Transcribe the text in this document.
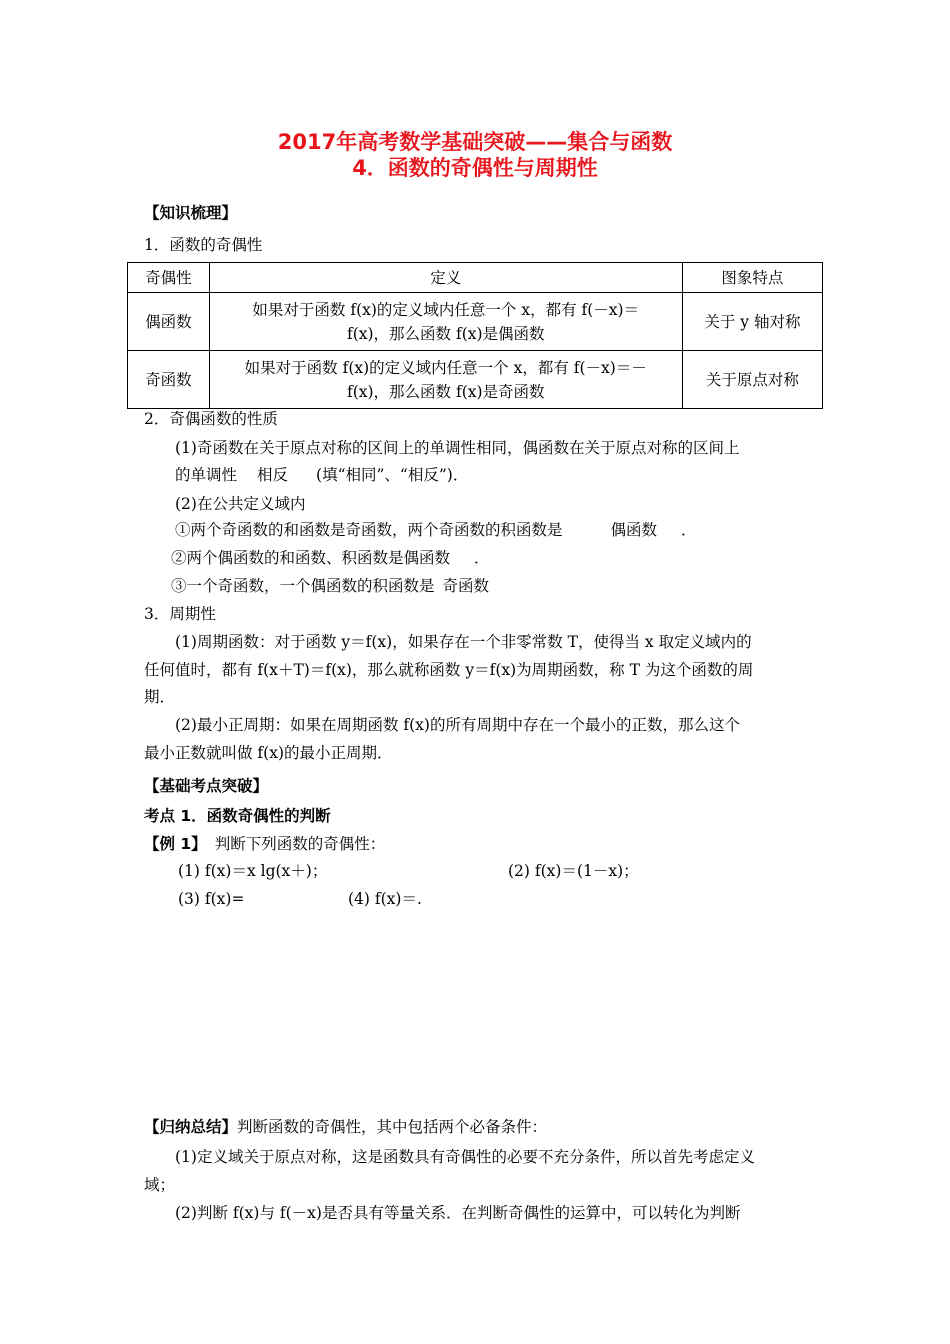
2017年高考数学基础突破——集合与函数
4．函数的奇偶性与周期性
【知识梳理】
1．函数的奇偶性
奇偶性	定义	图象特点
偶函数	如果对于函数 f(x)的定义域内任意一个 x，都有 f(－x)＝
f(x)，那么函数 f(x)是偶函数	关于 y 轴对称
奇函数	如果对于函数 f(x)的定义域内任意一个 x，都有 f(－x)＝－
f(x)，那么函数 f(x)是奇函数	关于原点对称
2．奇偶函数的性质
(1)奇函数在关于原点对称的区间上的单调性相同，偶函数在关于原点对称的区间上
的单调性 相反 (填“相同”、“相反”)．
(2)在公共定义域内
①两个奇函数的和函数是奇函数，两个奇函数的积函数是	偶函数 ．
②两个偶函数的和函数、积函数是偶函数 ．
③一个奇函数，一个偶函数的积函数是 奇函数
3．周期性
(1)周期函数：对于函数 y＝f(x)，如果存在一个非零常数 T，使得当 x 取定义域内的
任何值时，都有 f(x＋T)＝f(x)，那么就称函数 y＝f(x)为周期函数，称 T 为这个函数的周
期．
(2)最小正周期：如果在周期函数 f(x)的所有周期中存在一个最小的正数，那么这个
最小正数就叫做 f(x)的最小正周期．
【基础考点突破】
考点 1．函数奇偶性的判断
【例 1】 判断下列函数的奇偶性：
(1) f(x)＝x lg(x＋)；	(2) f(x)＝(1－x)；
(3) f(x)=	(4) f(x)＝.
【归纳总结】判断函数的奇偶性，其中包括两个必备条件：
(1)定义域关于原点对称，这是函数具有奇偶性的必要不充分条件，所以首先考虑定义
域；
(2)判断 f(x)与 f(－x)是否具有等量关系．在判断奇偶性的运算中，可以转化为判断
